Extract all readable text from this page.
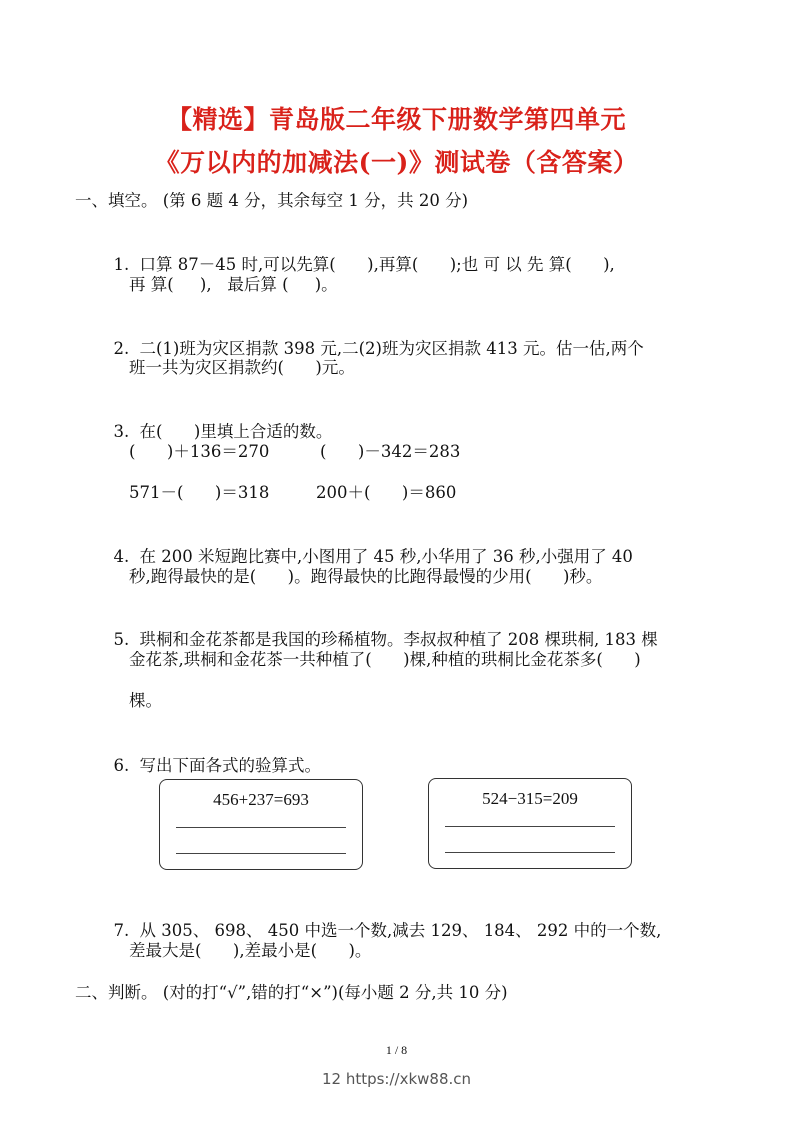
【精选】青岛版二年级下册数学第四单元
《万以内的加减法(一)》测试卷（含答案）
一、填空。 (第 6 题 4 分，其余每空 1 分，共 20 分)

1. 口算 87－45 时,可以先算(      ),再算(      );也 可 以 先 算(      ),

再 算(     ),   最后算 (     )。

2. 二(1)班为灾区捐款 398 元,二(2)班为灾区捐款 413 元。估一估,两个

班一共为灾区捐款约(      )元。

3. 在(      )里填上合适的数。

(      )＋136＝270	(      )－342＝283
571－(      )＝318	200＋(      )＝860

4. 在 200 米短跑比赛中,小图用了 45 秒,小华用了 36 秒,小强用了 40

秒,跑得最快的是(      )。跑得最快的比跑得最慢的少用(      )秒。

5. 珙桐和金花茶都是我国的珍稀植物。李叔叔种植了 208 棵珙桐, 183 棵

金花茶,珙桐和金花茶一共种植了(      )棵,种植的珙桐比金花茶多(      )
棵。

6. 写出下面各式的验算式。

456+237=693	524−315=209

7. 从 305、 698、 450 中选一个数,减去 129、 184、 292 中的一个数,

差最大是(      ),差最小是(      )。
二、判断。 (对的打“√”,错的打“×”)(每小题 2 分,共 10 分)
1 / 8
12 https://xkw88.cn
